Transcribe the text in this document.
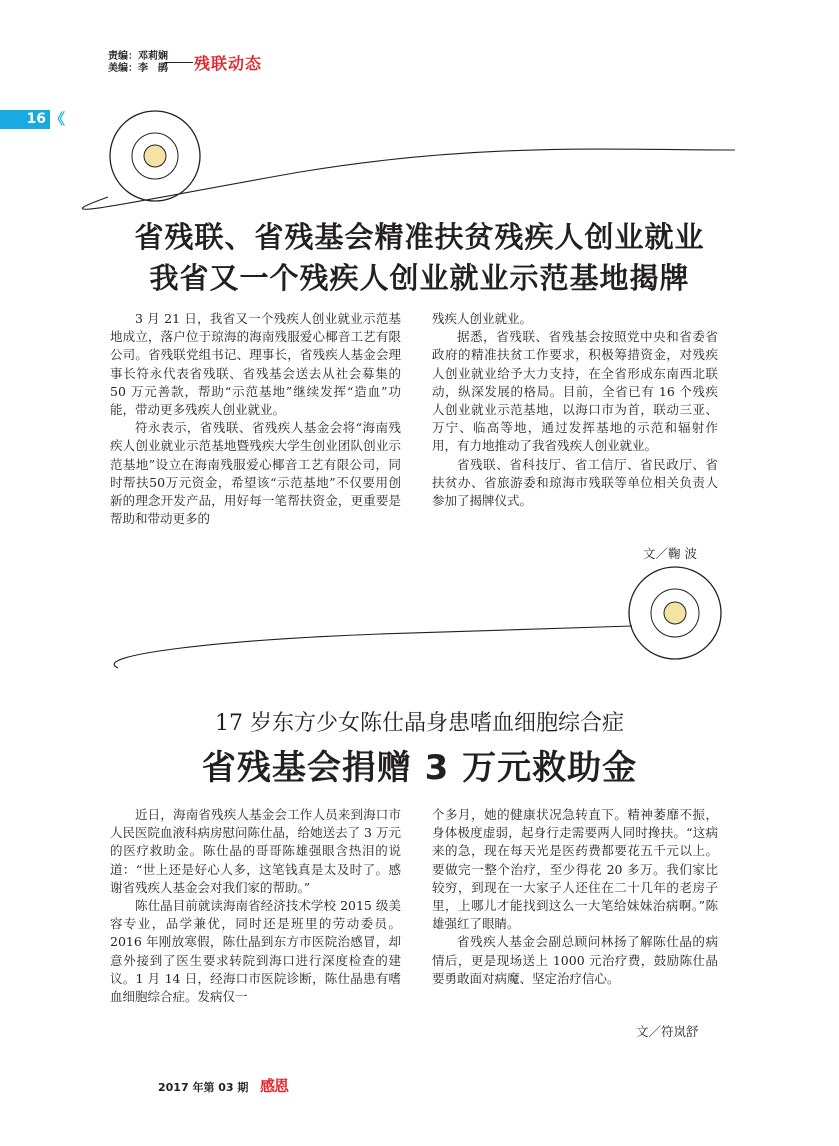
责编：邓莉娴
美编：李　鹃 残联动态
16 《
省残联、省残基会精准扶贫残疾人创业就业
我省又一个残疾人创业就业示范基地揭牌

3 月 21 日，我省又一个残疾人创业就业示范基地成立，落户位于琼海的海南残服爱心椰音工艺有限公司。省残联党组书记、理事长，省残疾人基金会理事长符永代表省残联、省残基会送去从社会募集的 50 万元善款，帮助“示范基地”继续发挥“造血”功能，带动更多残疾人创业就业。

符永表示，省残联、省残疾人基金会将“海南残疾人创业就业示范基地暨残疾大学生创业团队创业示范基地”设立在海南残服爱心椰音工艺有限公司，同时帮扶50万元资金，希望该“示范基地”不仅要用创新的理念开发产品，用好每一笔帮扶资金，更重要是帮助和带动更多的

残疾人创业就业。

据悉，省残联、省残基会按照党中央和省委省政府的精准扶贫工作要求，积极筹措资金，对残疾人创业就业给予大力支持，在全省形成东南西北联动，纵深发展的格局。目前，全省已有 16 个残疾人创业就业示范基地，以海口市为首，联动三亚、万宁、临高等地，通过发挥基地的示范和辐射作用，有力地推动了我省残疾人创业就业。

省残联、省科技厅、省工信厅、省民政厅、省扶贫办、省旅游委和琼海市残联等单位相关负责人参加了揭牌仪式。

文／鞠 波
17 岁东方少女陈仕晶身患嗜血细胞综合症
省残基会捐赠 3 万元救助金

近日，海南省残疾人基金会工作人员来到海口市人民医院血液科病房慰问陈仕晶，给她送去了 3 万元的医疗救助金。陈仕晶的哥哥陈雄强眼含热泪的说道：“世上还是好心人多，这笔钱真是太及时了。感谢省残疾人基金会对我们家的帮助。”

陈仕晶目前就读海南省经济技术学校 2015 级美容专业，品学兼优，同时还是班里的劳动委员。2016 年刚放寒假，陈仕晶到东方市医院治感冒，却意外接到了医生要求转院到海口进行深度检查的建议。1 月 14 日，经海口市医院诊断，陈仕晶患有嗜血细胞综合症。发病仅一

个多月，她的健康状况急转直下。精神萎靡不振，身体极度虚弱，起身行走需要两人同时搀扶。“这病来的急，现在每天光是医药费都要花五千元以上。要做完一整个治疗，至少得花 20 多万。我们家比较穷，到现在一大家子人还住在二十几年的老房子里，上哪儿才能找到这么一大笔给妹妹治病啊。”陈雄强红了眼睛。

省残疾人基金会副总顾问林扬了解陈仕晶的病情后，更是现场送上 1000 元治疗费，鼓励陈仕晶要勇敢面对病魔、坚定治疗信心。

文／符岚舒
2017 年第 03 期 感恩
